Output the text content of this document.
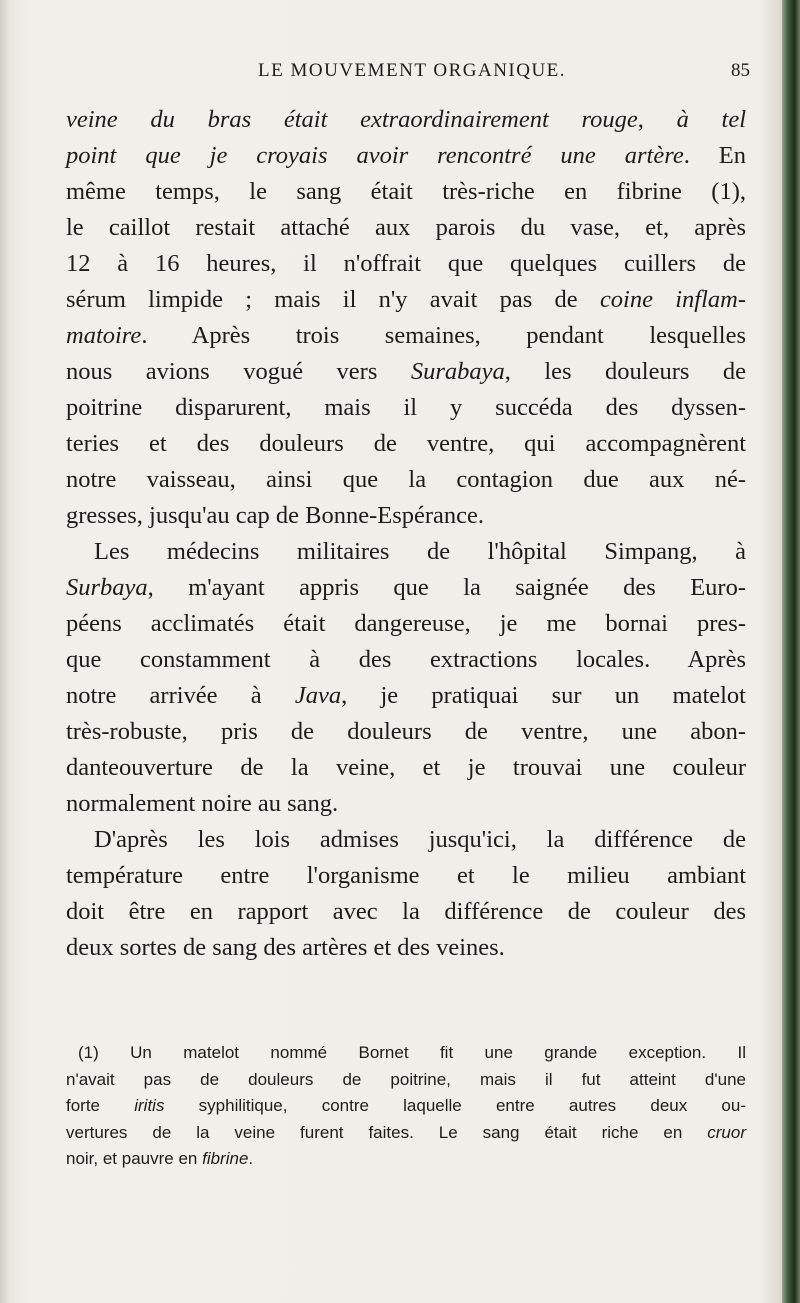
LE MOUVEMENT ORGANIQUE.	85
veine du bras était extraordinairement rouge, à tel
point que je croyais avoir rencontré une artère. En
même temps, le sang était très-riche en fibrine (1),
le caillot restait attaché aux parois du vase, et, après
12 à 16 heures, il n'offrait que quelques cuillers de
sérum limpide ; mais il n'y avait pas de coine inflam-
matoire. Après trois semaines, pendant lesquelles
nous avions vogué vers Surabaya, les douleurs de
poitrine disparurent, mais il y succéda des dyssen-
teries et des douleurs de ventre, qui accompagnèrent
notre vaisseau, ainsi que la contagion due aux né-
gresses, jusqu'au cap de Bonne-Espérance.
Les médecins militaires de l'hôpital Simpang, à
Surbaya, m'ayant appris que la saignée des Euro-
péens acclimatés était dangereuse, je me bornai pres-
que constamment à des extractions locales. Après
notre arrivée à Java, je pratiquai sur un matelot
très-robuste, pris de douleurs de ventre, une abon-
danteouverture de la veine, et je trouvai une couleur
normalement noire au sang.
D'après les lois admises jusqu'ici, la différence de
température entre l'organisme et le milieu ambiant
doit être en rapport avec la différence de couleur des
deux sortes de sang des artères et des veines.
(1) Un matelot nommé Bornet fit une grande exception. Il
n'avait pas de douleurs de poitrine, mais il fut atteint d'une
forte iritis syphilitique, contre laquelle entre autres deux ou-
vertures de la veine furent faites. Le sang était riche en cruor
noir, et pauvre en fibrine.
